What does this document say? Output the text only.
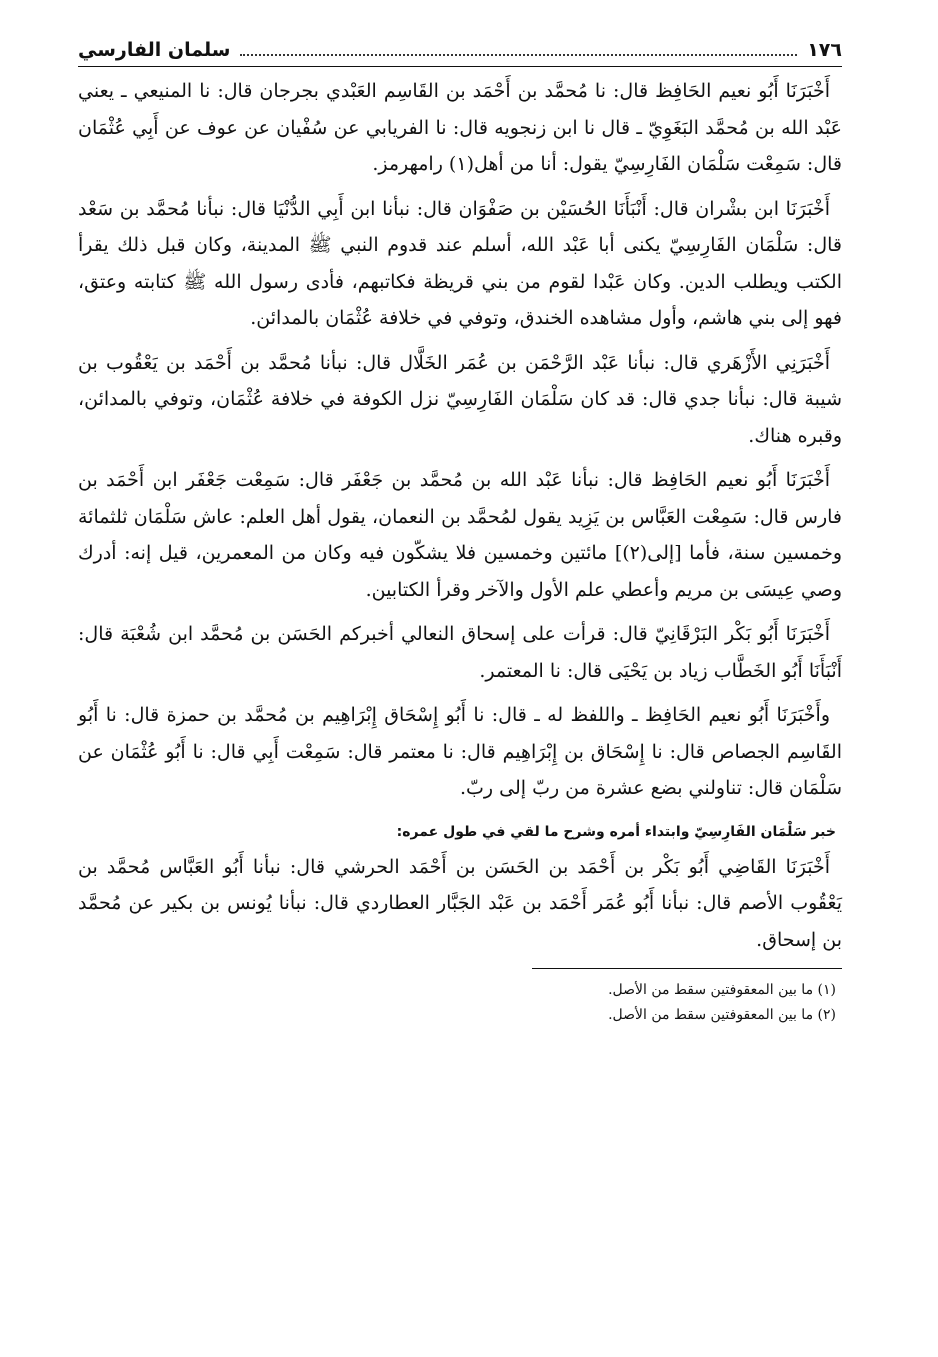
١٧٦
سلمان الفارسي

أَخْبَرَنَا أَبُو نعيم الحَافِظ قال: نا مُحمَّد بن أَحْمَد بن القَاسِم العَبْدي بجرجان قال: نا المنيعي ـ يعني عَبْد الله بن مُحمَّد البَغَوِيّ ـ قال نا ابن زنجويه قال: نا الفريابي عن سُفْيان عن عوف عن أَبِي عُثْمَان قال: سَمِعْت سَلْمَان الفَارِسِيّ يقول: أنا من أهل(١) رامهرمز.

أَخْبَرَنَا ابن بشْران قال: أَنْبَأَنَا الحُسَيْن بن صَفْوَان قال: نبأنا ابن أَبِي الدُّنْيَا قال: نبأنا مُحمَّد بن سَعْد قال: سَلْمَان الفَارِسِيّ يكنى أبا عَبْد الله، أسلم عند قدوم النبي ﷺ المدينة، وكان قبل ذلك يقرأ الكتب ويطلب الدين. وكان عَبْدا لقوم من بني قريظة فكاتبهم، فأدى رسول الله ﷺ كتابته وعتق، فهو إلى بني هاشم، وأول مشاهده الخندق، وتوفي في خلافة عُثْمَان بالمدائن.

أَخْبَرَنِي الأَزْهَري قال: نبأنا عَبْد الرَّحْمَن بن عُمَر الخَلَّال قال: نبأنا مُحمَّد بن أَحْمَد بن يَعْقُوب بن شيبة قال: نبأنا جدي قال: قد كان سَلْمَان الفَارِسِيّ نزل الكوفة في خلافة عُثْمَان، وتوفي بالمدائن، وقبره هناك.

أَخْبَرَنَا أَبُو نعيم الحَافِظ قال: نبأنا عَبْد الله بن مُحمَّد بن جَعْفَر قال: سَمِعْت جَعْفَر ابن أَحْمَد بن فارس قال: سَمِعْت العَبَّاس بن يَزِيد يقول لمُحمَّد بن النعمان، يقول أهل العلم: عاش سَلْمَان ثلثمائة وخمسين سنة، فأما [إلى(٢)] مائتين وخمسين فلا يشكّون فيه وكان من المعمرين، قيل إنه: أدرك وصي عِيسَى بن مريم وأعطي علم الأول والآخر وقرأ الكتابين.

أَخْبَرَنَا أَبُو بَكْر البَرْقَانِيّ قال: قرأت على إسحاق النعالي أخبركم الحَسَن بن مُحمَّد ابن شُعْبَة قال: أَنْبَأَنَا أَبُو الخَطَّاب زياد بن يَحْيَى قال: نا المعتمر.

وأَخْبَرَنَا أَبُو نعيم الحَافِظ ـ واللفظ له ـ قال: نا أَبُو إِسْحَاق إِبْرَاهِيم بن مُحمَّد بن حمزة قال: نا أَبُو القَاسِم الجصاص قال: نا إِسْحَاق بن إِبْرَاهِيم قال: نا معتمر قال: سَمِعْت أَبِي قال: نا أَبُو عُثْمَان عن سَلْمَان قال: تناولني بضع عشرة من ربّ إلى ربّ.

خبر سَلْمَان الفَارِسِيّ وابتداء أمره وشرح ما لقي في طول عمره:

أَخْبَرَنَا القَاضِي أَبُو بَكْر بن أَحْمَد بن الحَسَن بن أَحْمَد الحرشي قال: نبأنا أَبُو العَبَّاس مُحمَّد بن يَعْقُوب الأصم قال: نبأنا أَبُو عُمَر أَحْمَد بن عَبْد الجَبَّار العطاردي قال: نبأنا يُونس بن بكير عن مُحمَّد بن إسحاق.

(١) ما بين المعقوفتين سقط من الأصل.
(٢) ما بين المعقوفتين سقط من الأصل.
